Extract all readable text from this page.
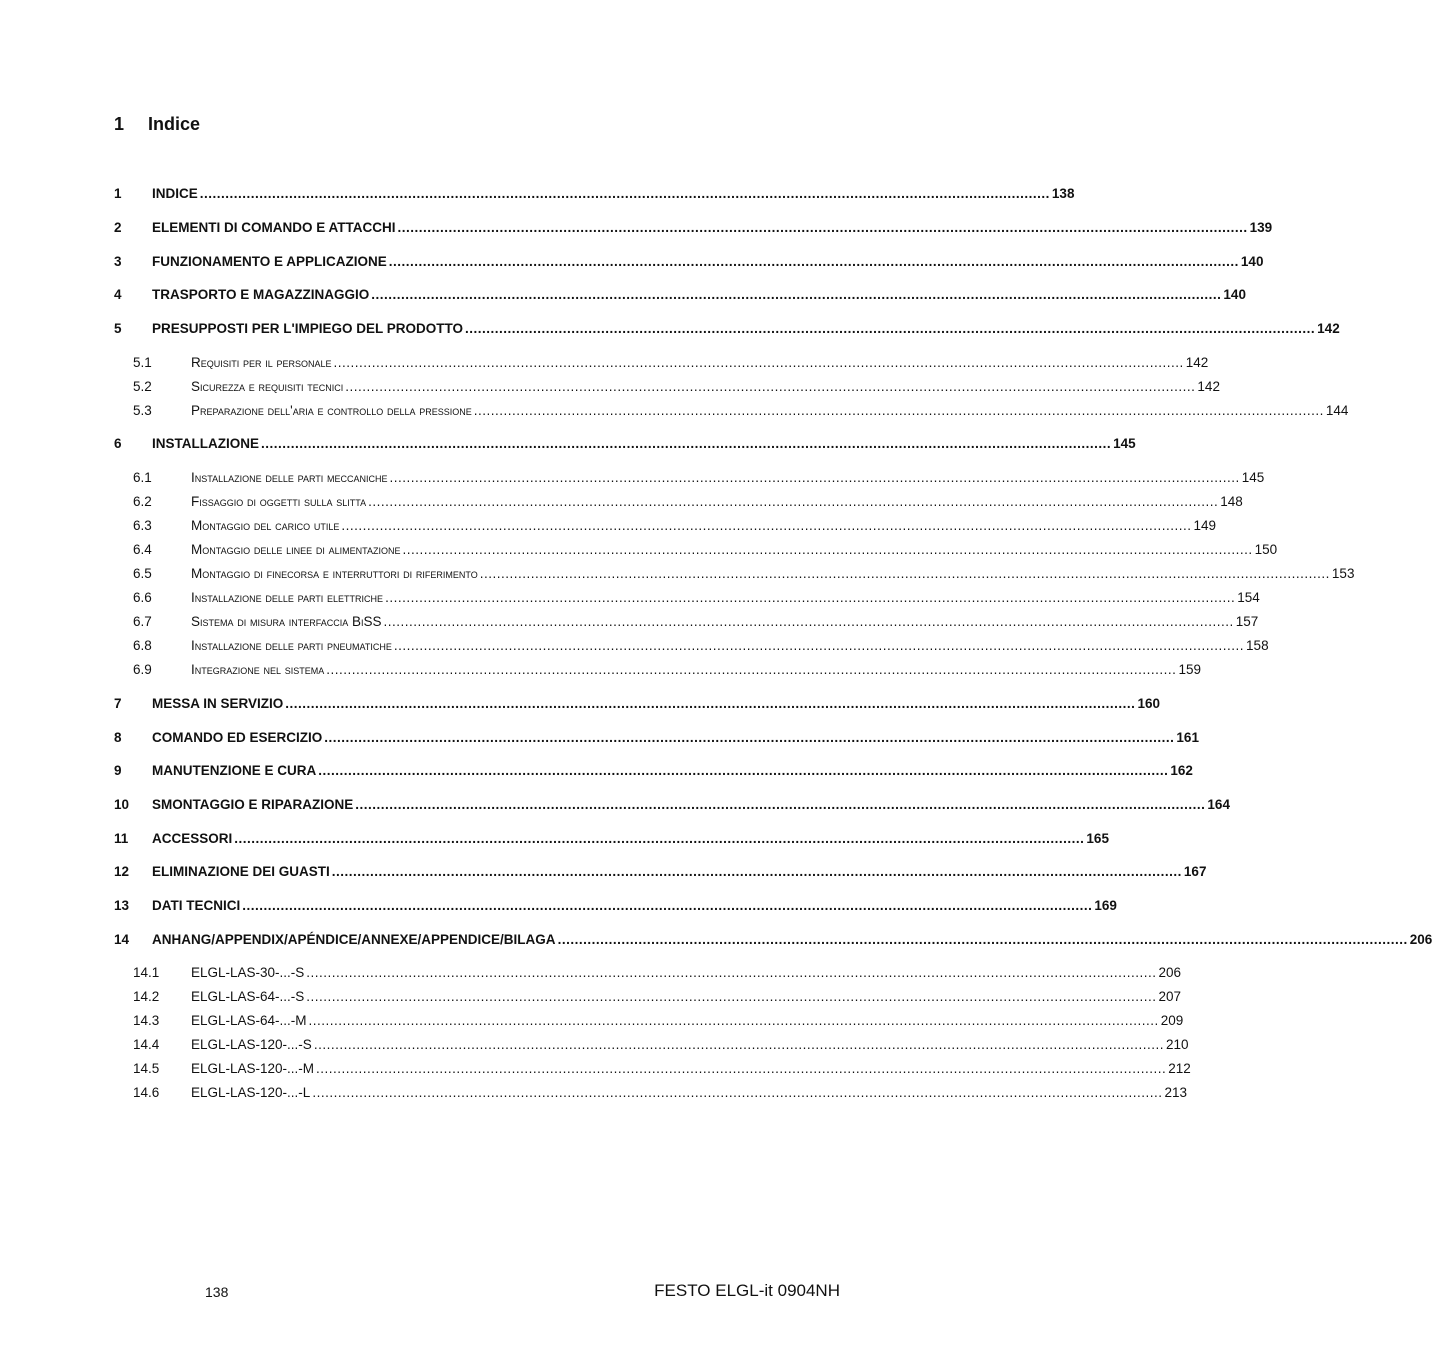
1 Indice
1 INDICE ........................................................................................................................................................................................................ 138
2 ELEMENTI DI COMANDO E ATTACCHI ........................................................................................................................................................................................................ 139
3 FUNZIONAMENTO E APPLICAZIONE ........................................................................................................................................................................................................ 140
4 TRASPORTO E MAGAZZINAGGIO ........................................................................................................................................................................................................ 140
5 PRESUPPOSTI PER L'IMPIEGO DEL PRODOTTO ........................................................................................................................................................................................................ 142
5.1	Requisiti per il personale ........................................................................................................................................................................................................ 142
5.2	Sicurezza e requisiti tecnici ........................................................................................................................................................................................................ 142
5.3	Preparazione dell'aria e controllo della pressione ........................................................................................................................................................................................................ 144
6 INSTALLAZIONE ........................................................................................................................................................................................................ 145
6.1	Installazione delle parti meccaniche ........................................................................................................................................................................................................ 145
6.2	Fissaggio di oggetti sulla slitta ........................................................................................................................................................................................................ 148
6.3	Montaggio del carico utile ........................................................................................................................................................................................................ 149
6.4	Montaggio delle linee di alimentazione ........................................................................................................................................................................................................ 150
6.5	Montaggio di finecorsa e interruttori di riferimento ........................................................................................................................................................................................................ 153
6.6	Installazione delle parti elettriche ........................................................................................................................................................................................................ 154
6.7	Sistema di misura interfaccia BiSS ........................................................................................................................................................................................................ 157
6.8	Installazione delle parti pneumatiche ........................................................................................................................................................................................................ 158
6.9	Integrazione nel sistema ........................................................................................................................................................................................................ 159
7 MESSA IN SERVIZIO ........................................................................................................................................................................................................ 160
8 COMANDO ED ESERCIZIO ........................................................................................................................................................................................................ 161
9 MANUTENZIONE E CURA ........................................................................................................................................................................................................ 162
10 SMONTAGGIO E RIPARAZIONE ........................................................................................................................................................................................................ 164
11 ACCESSORI ........................................................................................................................................................................................................ 165
12 ELIMINAZIONE DEI GUASTI ........................................................................................................................................................................................................ 167
13 DATI TECNICI ........................................................................................................................................................................................................ 169
14 ANHANG/APPENDIX/APÉNDICE/ANNEXE/APPENDICE/BILAGA ........................................................................................................................................................................................................ 206
14.1 ELGL-LAS-30-...-S ........................................................................................................................................................................................................ 206
14.2 ELGL-LAS-64-...-S ........................................................................................................................................................................................................ 207
14.3 ELGL-LAS-64-...-M ........................................................................................................................................................................................................ 209
14.4 ELGL-LAS-120-...-S ........................................................................................................................................................................................................ 210
14.5 ELGL-LAS-120-...-M ........................................................................................................................................................................................................ 212
14.6 ELGL-LAS-120-...-L ........................................................................................................................................................................................................ 213
138	FESTO ELGL-it 0904NH
